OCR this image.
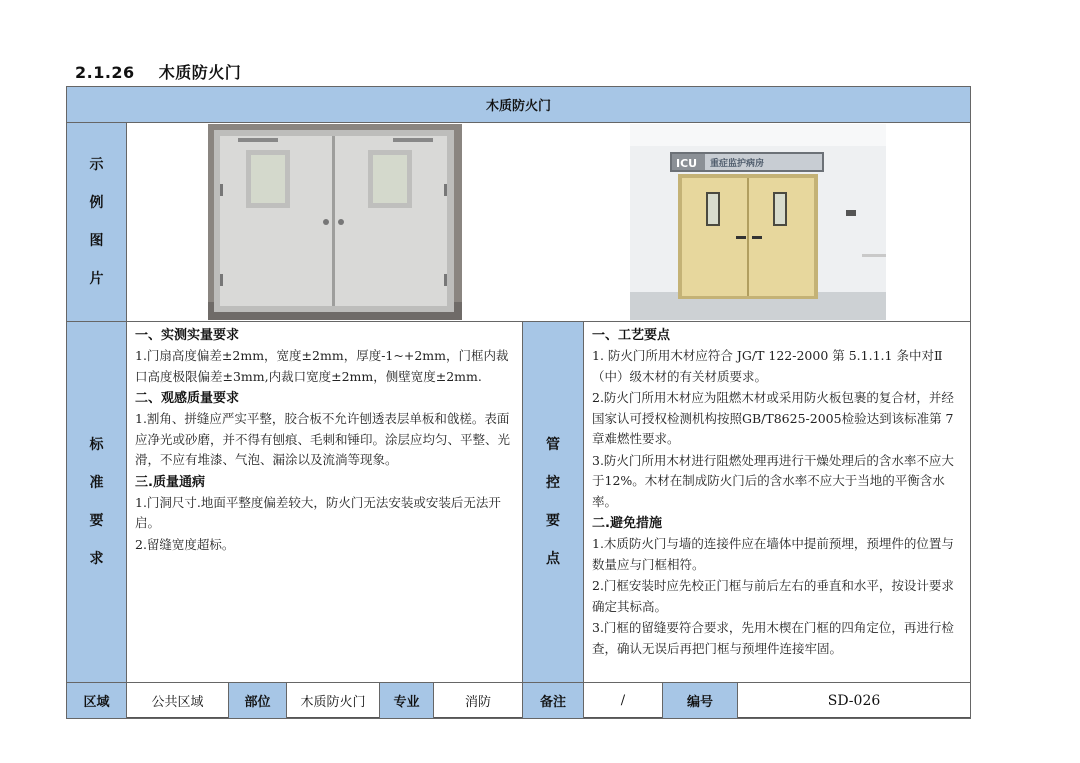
2.1.26 木质防火门
木质防火门
示
例
图
片
ICU 重症监护病房
标
准
要
求
一、实测实量要求

1.门扇高度偏差±2mm，宽度±2mm，厚度-1~+2mm，门框内裁口高度极限偏差±3mm,内裁口宽度±2mm，侧壁宽度±2mm.

二、观感质量要求

1.割角、拼缝应严实平整，胶合板不允许刨透表层单板和戗槎。表面应净光或砂磨，并不得有刨痕、毛刺和锤印。涂层应均匀、平整、光滑，不应有堆漆、气泡、漏涂以及流淌等现象。

三.质量通病

1.门洞尺寸.地面平整度偏差较大，防火门无法安装或安装后无法开启。

2.留缝宽度超标。

管
控
要
点
一、工艺要点

1. 防火门所用木材应符合 JG/T 122-2000 第 5.1.1.1 条中对Ⅱ（中）级木材的有关材质要求。

2.防火门所用木材应为阻燃木材或采用防火板包裹的复合材，并经国家认可授权检测机构按照GB/T8625-2005检验达到该标准第 7 章难燃性要求。

3.防火门所用木材进行阻燃处理再进行干燥处理后的含水率不应大于12%。木材在制成防火门后的含水率不应大于当地的平衡含水率。

二.避免措施

1.木质防火门与墙的连接件应在墙体中提前预埋，预埋件的位置与数量应与门框相符。

2.门框安装时应先校正门框与前后左右的垂直和水平，按设计要求确定其标高。

3.门框的留缝要符合要求，先用木楔在门框的四角定位，再进行检查，确认无误后再把门框与预埋件连接牢固。

区域	公共区域	部位	木质防火门	专业	消防	备注	/	编号	SD-026
